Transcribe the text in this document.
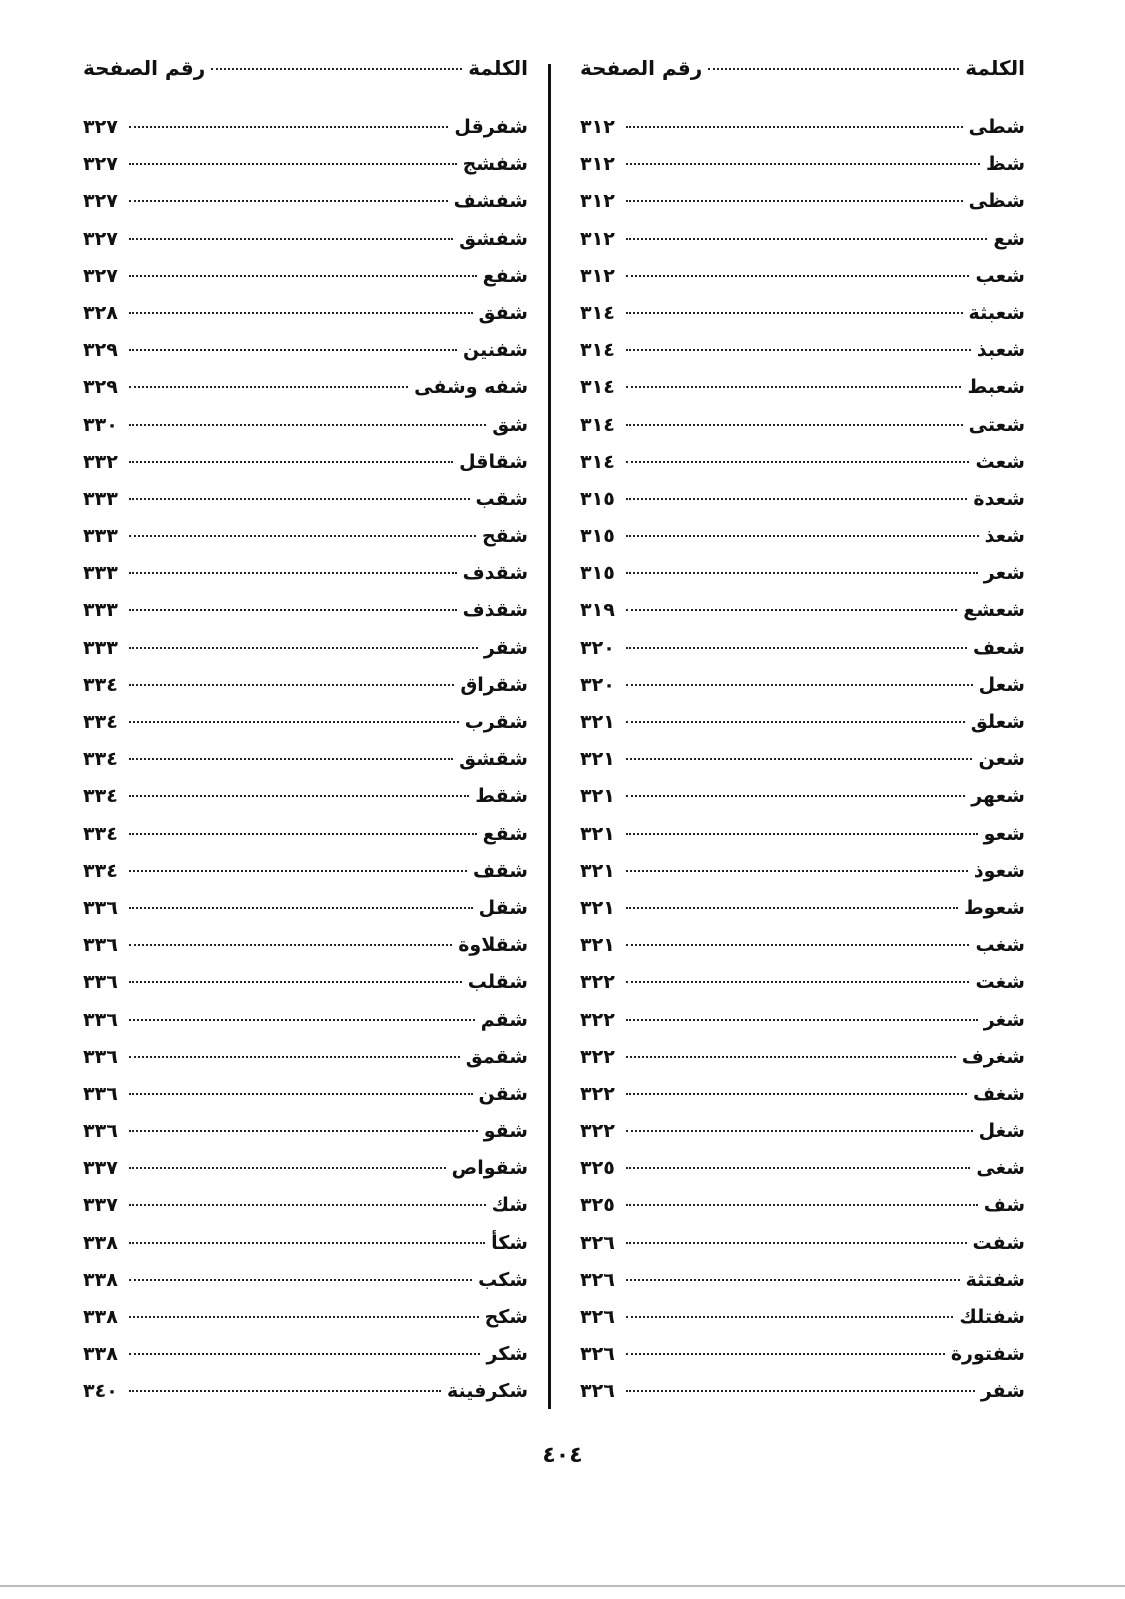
الكلمة
رقم الصفحة
شطى
٣١٢
شظ
٣١٢
شظى
٣١٢
شع
٣١٢
شعب
٣١٢
شعبثة
٣١٤
شعبذ
٣١٤
شعبط
٣١٤
شعتى
٣١٤
شعث
٣١٤
شعدة
٣١٥
شعذ
٣١٥
شعر
٣١٥
شعشع
٣١٩
شعف
٣٢٠
شعل
٣٢٠
شعلق
٣٢١
شعن
٣٢١
شعهر
٣٢١
شعو
٣٢١
شعوذ
٣٢١
شعوط
٣٢١
شغب
٣٢١
شغت
٣٢٢
شغر
٣٢٢
شغرف
٣٢٢
شغف
٣٢٢
شغل
٣٢٢
شغى
٣٢٥
شف
٣٢٥
شفت
٣٢٦
شفتثة
٣٢٦
شفتلك
٣٢٦
شفتورة
٣٢٦
شفر
٣٢٦
الكلمة
رقم الصفحة
شفرقل
٣٢٧
شفشج
٣٢٧
شفشف
٣٢٧
شفشق
٣٢٧
شفع
٣٢٧
شفق
٣٢٨
شفنين
٣٢٩
شفه وشفى
٣٢٩
شق
٣٣٠
شقاقل
٣٣٢
شقب
٣٣٣
شقح
٣٣٣
شقدف
٣٣٣
شقذف
٣٣٣
شقر
٣٣٣
شقراق
٣٣٤
شقرب
٣٣٤
شقشق
٣٣٤
شقط
٣٣٤
شقع
٣٣٤
شقف
٣٣٤
شقل
٣٣٦
شقلاوة
٣٣٦
شقلب
٣٣٦
شقم
٣٣٦
شقمق
٣٣٦
شقن
٣٣٦
شقو
٣٣٦
شقواص
٣٣٧
شك
٣٣٧
شكأ
٣٣٨
شكب
٣٣٨
شكح
٣٣٨
شكر
٣٣٨
شكرفينة
٣٤٠
٤٠٤
